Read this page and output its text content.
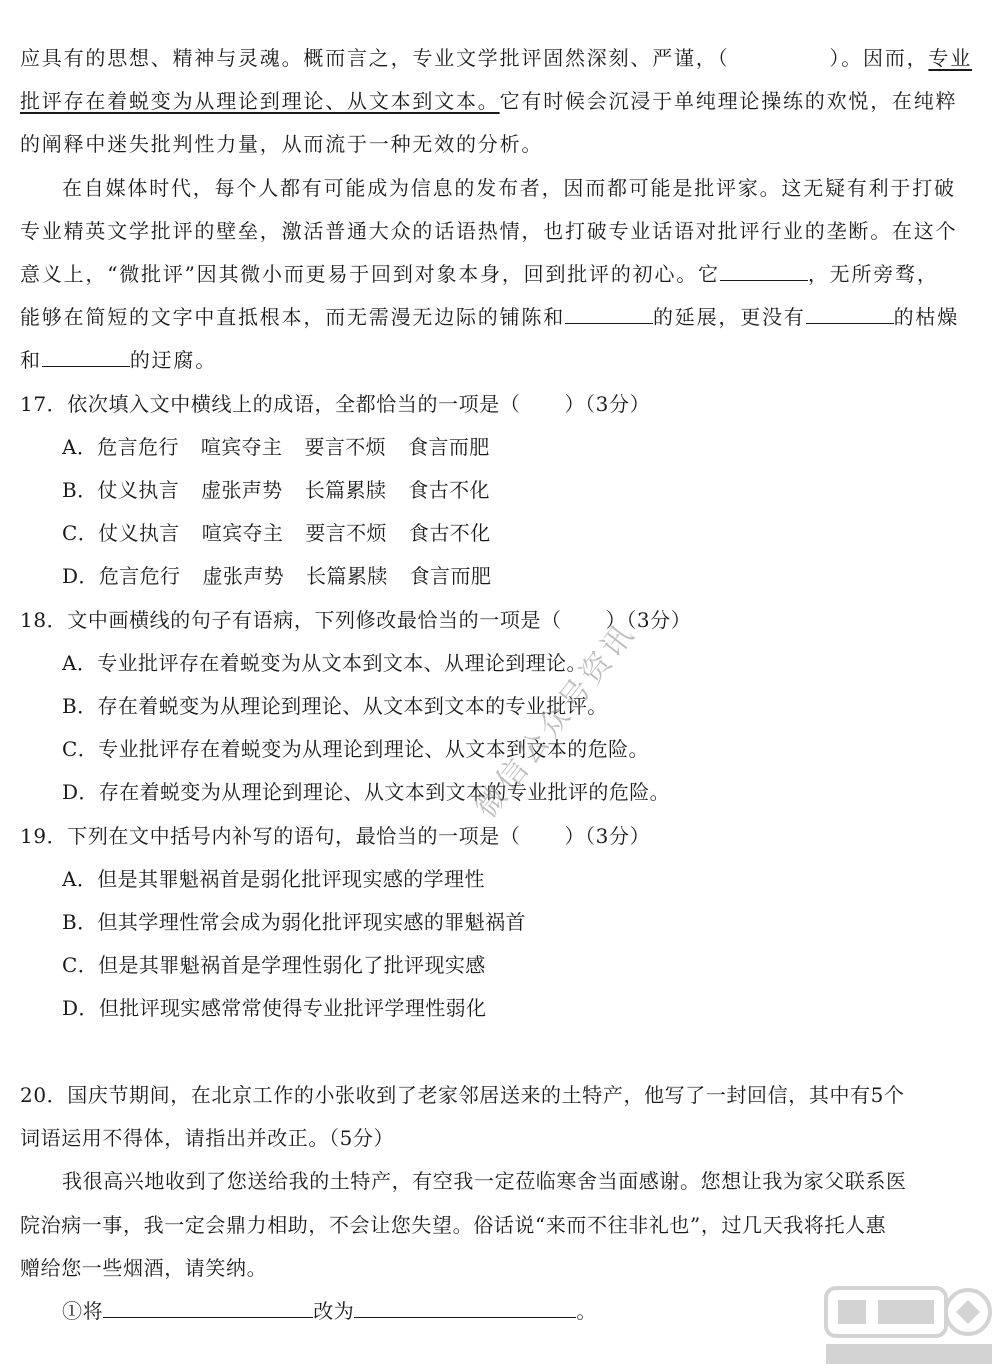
应具有的思想、精神与灵魂。概而言之，专业文学批评固然深刻、严谨，（	）。因而，专业
批评存在着蜕变为从理论到理论、从文本到文本。它有时候会沉浸于单纯理论操练的欢悦，在纯粹
的阐释中迷失批判性力量，从而流于一种无效的分析。
在自媒体时代，每个人都有可能成为信息的发布者，因而都可能是批评家。这无疑有利于打破
专业精英文学批评的壁垒，激活普通大众的话语热情，也打破专业话语对批评行业的垄断。在这个
意义上，“微批评”因其微小而更易于回到对象本身，回到批评的初心。它	，无所旁骛，
能够在简短的文字中直抵根本，而无需漫无边际的铺陈和	的延展，更没有	的枯燥
和	的迂腐。
17．依次填入文中横线上的成语，全都恰当的一项是（ ）（3分）
A．危言危行 喧宾夺主 要言不烦 食言而肥
B．仗义执言 虚张声势 长篇累牍 食古不化
C．仗义执言 喧宾夺主 要言不烦 食古不化
D．危言危行 虚张声势 长篇累牍 食言而肥
18．文中画横线的句子有语病，下列修改最恰当的一项是（ ）（3分）
A．专业批评存在着蜕变为从文本到文本、从理论到理论。
B．存在着蜕变为从理论到理论、从文本到文本的专业批评。
C．专业批评存在着蜕变为从理论到理论、从文本到文本的危险。
D．存在着蜕变为从理论到理论、从文本到文本的专业批评的危险。
19．下列在文中括号内补写的语句，最恰当的一项是（ ）（3分）
A．但是其罪魁祸首是弱化批评现实感的学理性
B．但其学理性常会成为弱化批评现实感的罪魁祸首
C．但是其罪魁祸首是学理性弱化了批评现实感
D．但批评现实感常常使得专业批评学理性弱化
20．国庆节期间，在北京工作的小张收到了老家邻居送来的土特产，他写了一封回信，其中有5个
词语运用不得体，请指出并改正。（5分）
我很高兴地收到了您送给我的土特产，有空我一定莅临寒舍当面感谢。您想让我为家父联系医
院治病一事，我一定会鼎力相助，不会让您失望。俗话说“来而不往非礼也”，过几天我将托人惠
赠给您一些烟酒，请笑纳。
①将	改为	。
微信公众号资讯
